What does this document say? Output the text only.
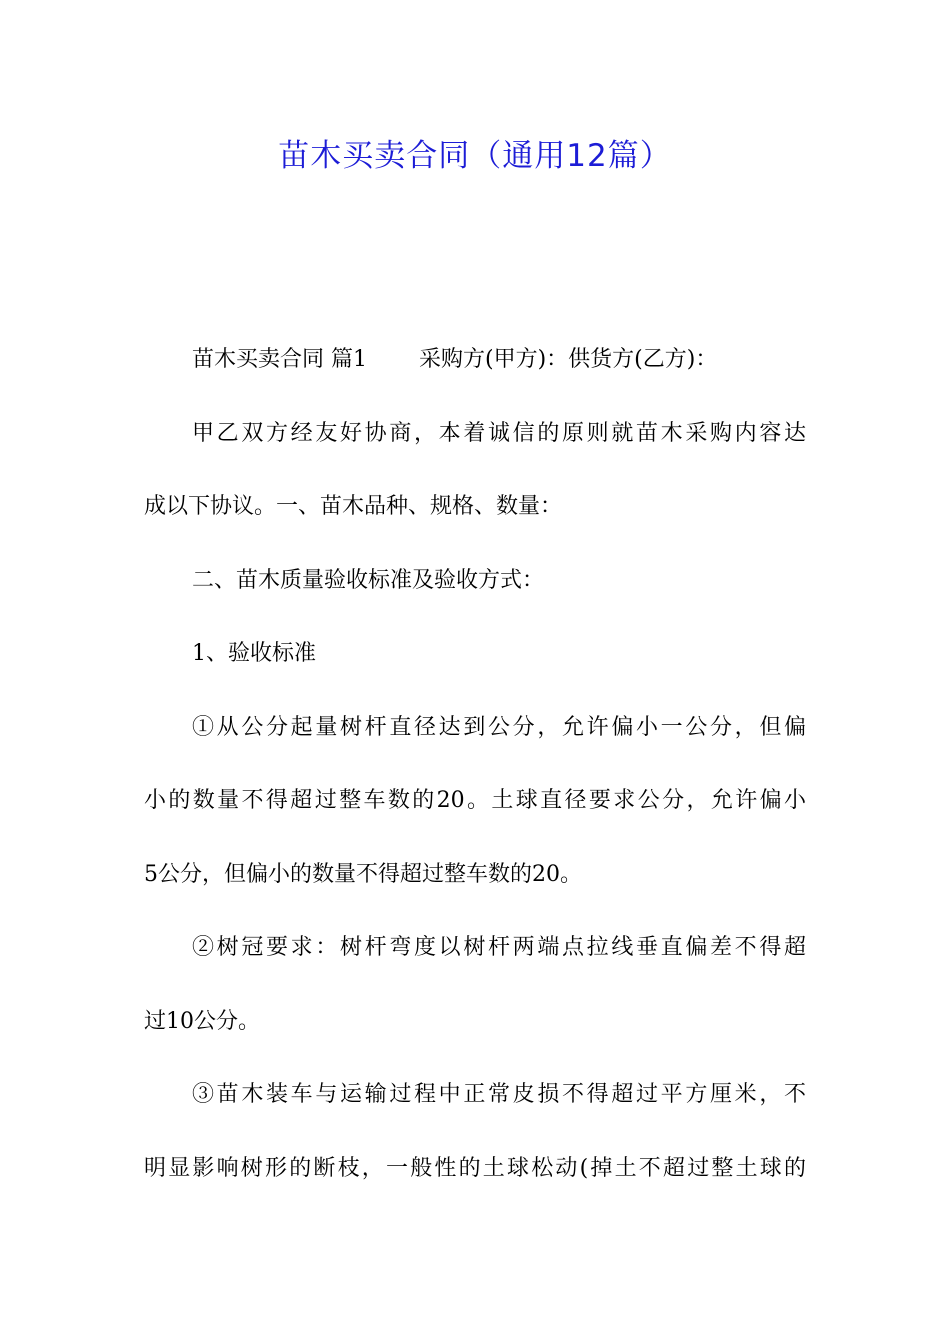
苗木买卖合同（通用12篇）
苗木买卖合同 篇1 采购方(甲方)：供货方(乙方)：
甲乙双方经友好协商，本着诚信的原则就苗木采购内容达
成以下协议。一、苗木品种、规格、数量：
二、苗木质量验收标准及验收方式：
1、验收标准
①从公分起量树杆直径达到公分，允许偏小一公分，但偏
小的数量不得超过整车数的20。土球直径要求公分，允许偏小
5公分，但偏小的数量不得超过整车数的20。
②树冠要求：树杆弯度以树杆两端点拉线垂直偏差不得超
过10公分。
③苗木装车与运输过程中正常皮损不得超过平方厘米，不
明显影响树形的断枝，一般性的土球松动(掉土不超过整土球的
